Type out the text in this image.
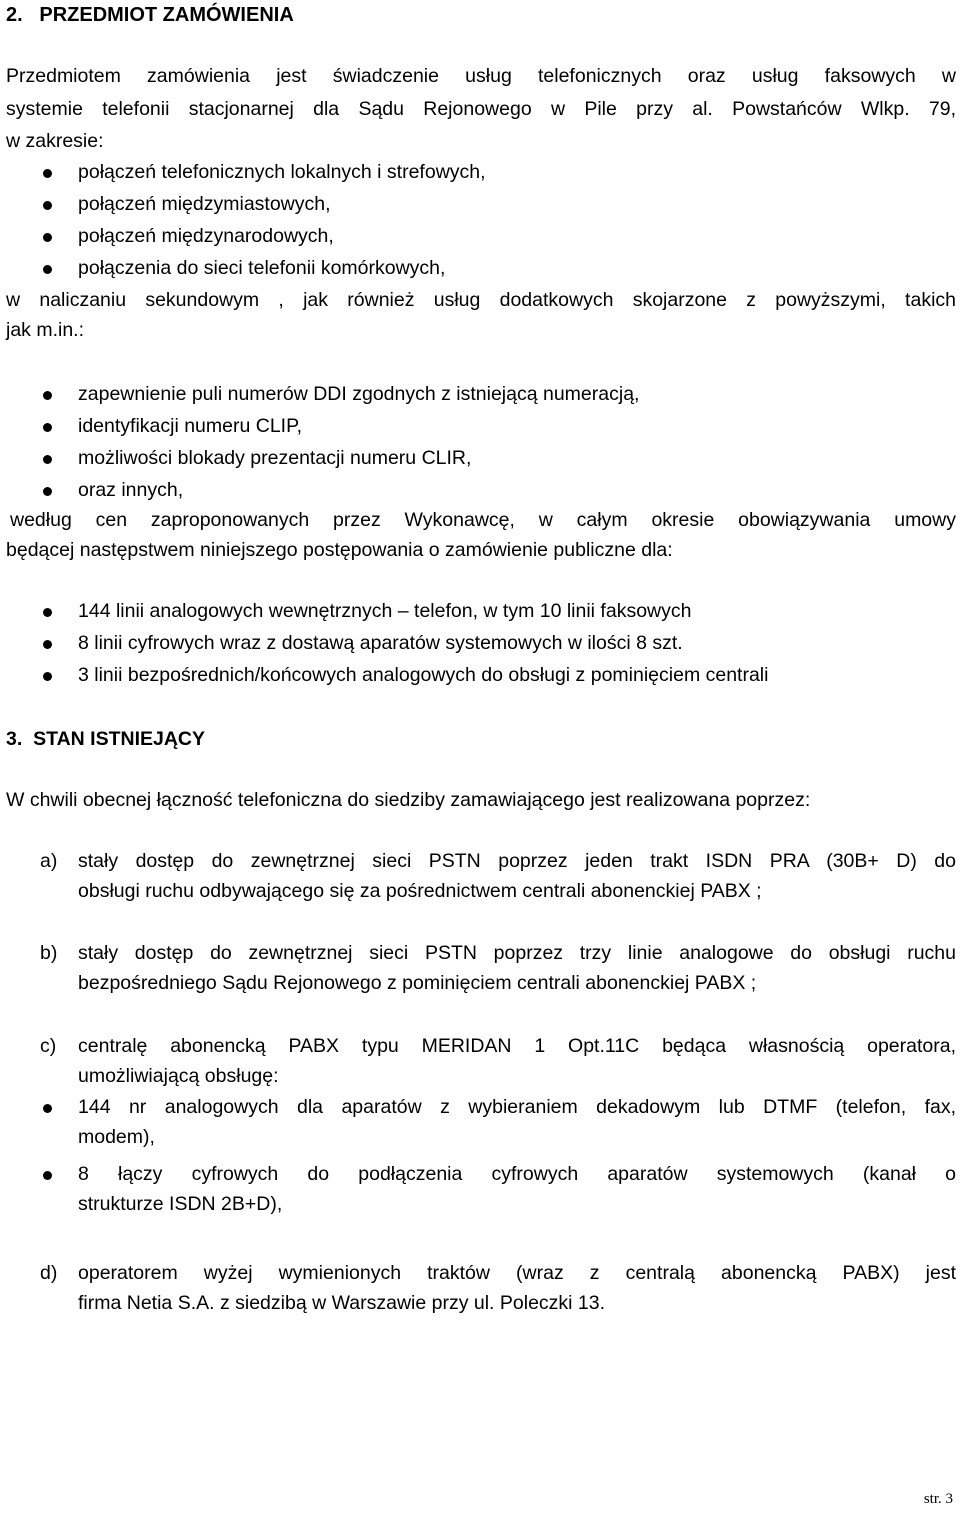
2.   PRZEDMIOT ZAMÓWIENIA
Przedmiotem zamówienia jest świadczenie usług telefonicznych oraz usług faksowych w
systemie telefonii stacjonarnej dla Sądu Rejonowego w Pile przy al. Powstańców Wlkp. 79,
w zakresie:
połączeń telefonicznych lokalnych i strefowych,
połączeń międzymiastowych,
połączeń międzynarodowych,
połączenia do sieci telefonii komórkowych,
w naliczaniu sekundowym , jak również usług dodatkowych skojarzone z powyższymi, takich
jak m.in.:
zapewnienie puli numerów DDI zgodnych z istniejącą numeracją,
identyfikacji numeru CLIP,
możliwości blokady prezentacji numeru CLIR,
oraz innych,
według cen zaproponowanych przez Wykonawcę, w całym okresie obowiązywania umowy
będącej następstwem niniejszego postępowania o zamówienie publiczne dla:
144 linii analogowych wewnętrznych – telefon, w tym 10 linii faksowych
8 linii cyfrowych wraz z dostawą aparatów systemowych w ilości 8 szt.
3 linii bezpośrednich/końcowych analogowych do obsługi z pominięciem centrali
3.  STAN ISTNIEJĄCY
W chwili obecnej łączność telefoniczna do siedziby zamawiającego jest realizowana poprzez:
a) stały dostęp do zewnętrznej sieci PSTN poprzez jeden trakt ISDN PRA (30B+ D) do
obsługi ruchu odbywającego się za pośrednictwem centrali abonenckiej PABX ;
b) stały dostęp do zewnętrznej sieci PSTN poprzez trzy linie analogowe do obsługi ruchu
bezpośredniego Sądu Rejonowego z pominięciem centrali abonenckiej PABX ;
c) centralę abonencką PABX typu MERIDAN 1 Opt.11C będąca własnością operatora,
umożliwiającą obsługę:
144 nr analogowych dla aparatów z wybieraniem dekadowym lub DTMF (telefon, fax,
modem),
8 łączy cyfrowych do podłączenia cyfrowych aparatów systemowych (kanał o
strukturze ISDN 2B+D),
d) operatorem wyżej wymienionych traktów (wraz z centralą abonencką PABX) jest
firma Netia S.A. z siedzibą w Warszawie przy ul. Poleczki 13.
str. 3
